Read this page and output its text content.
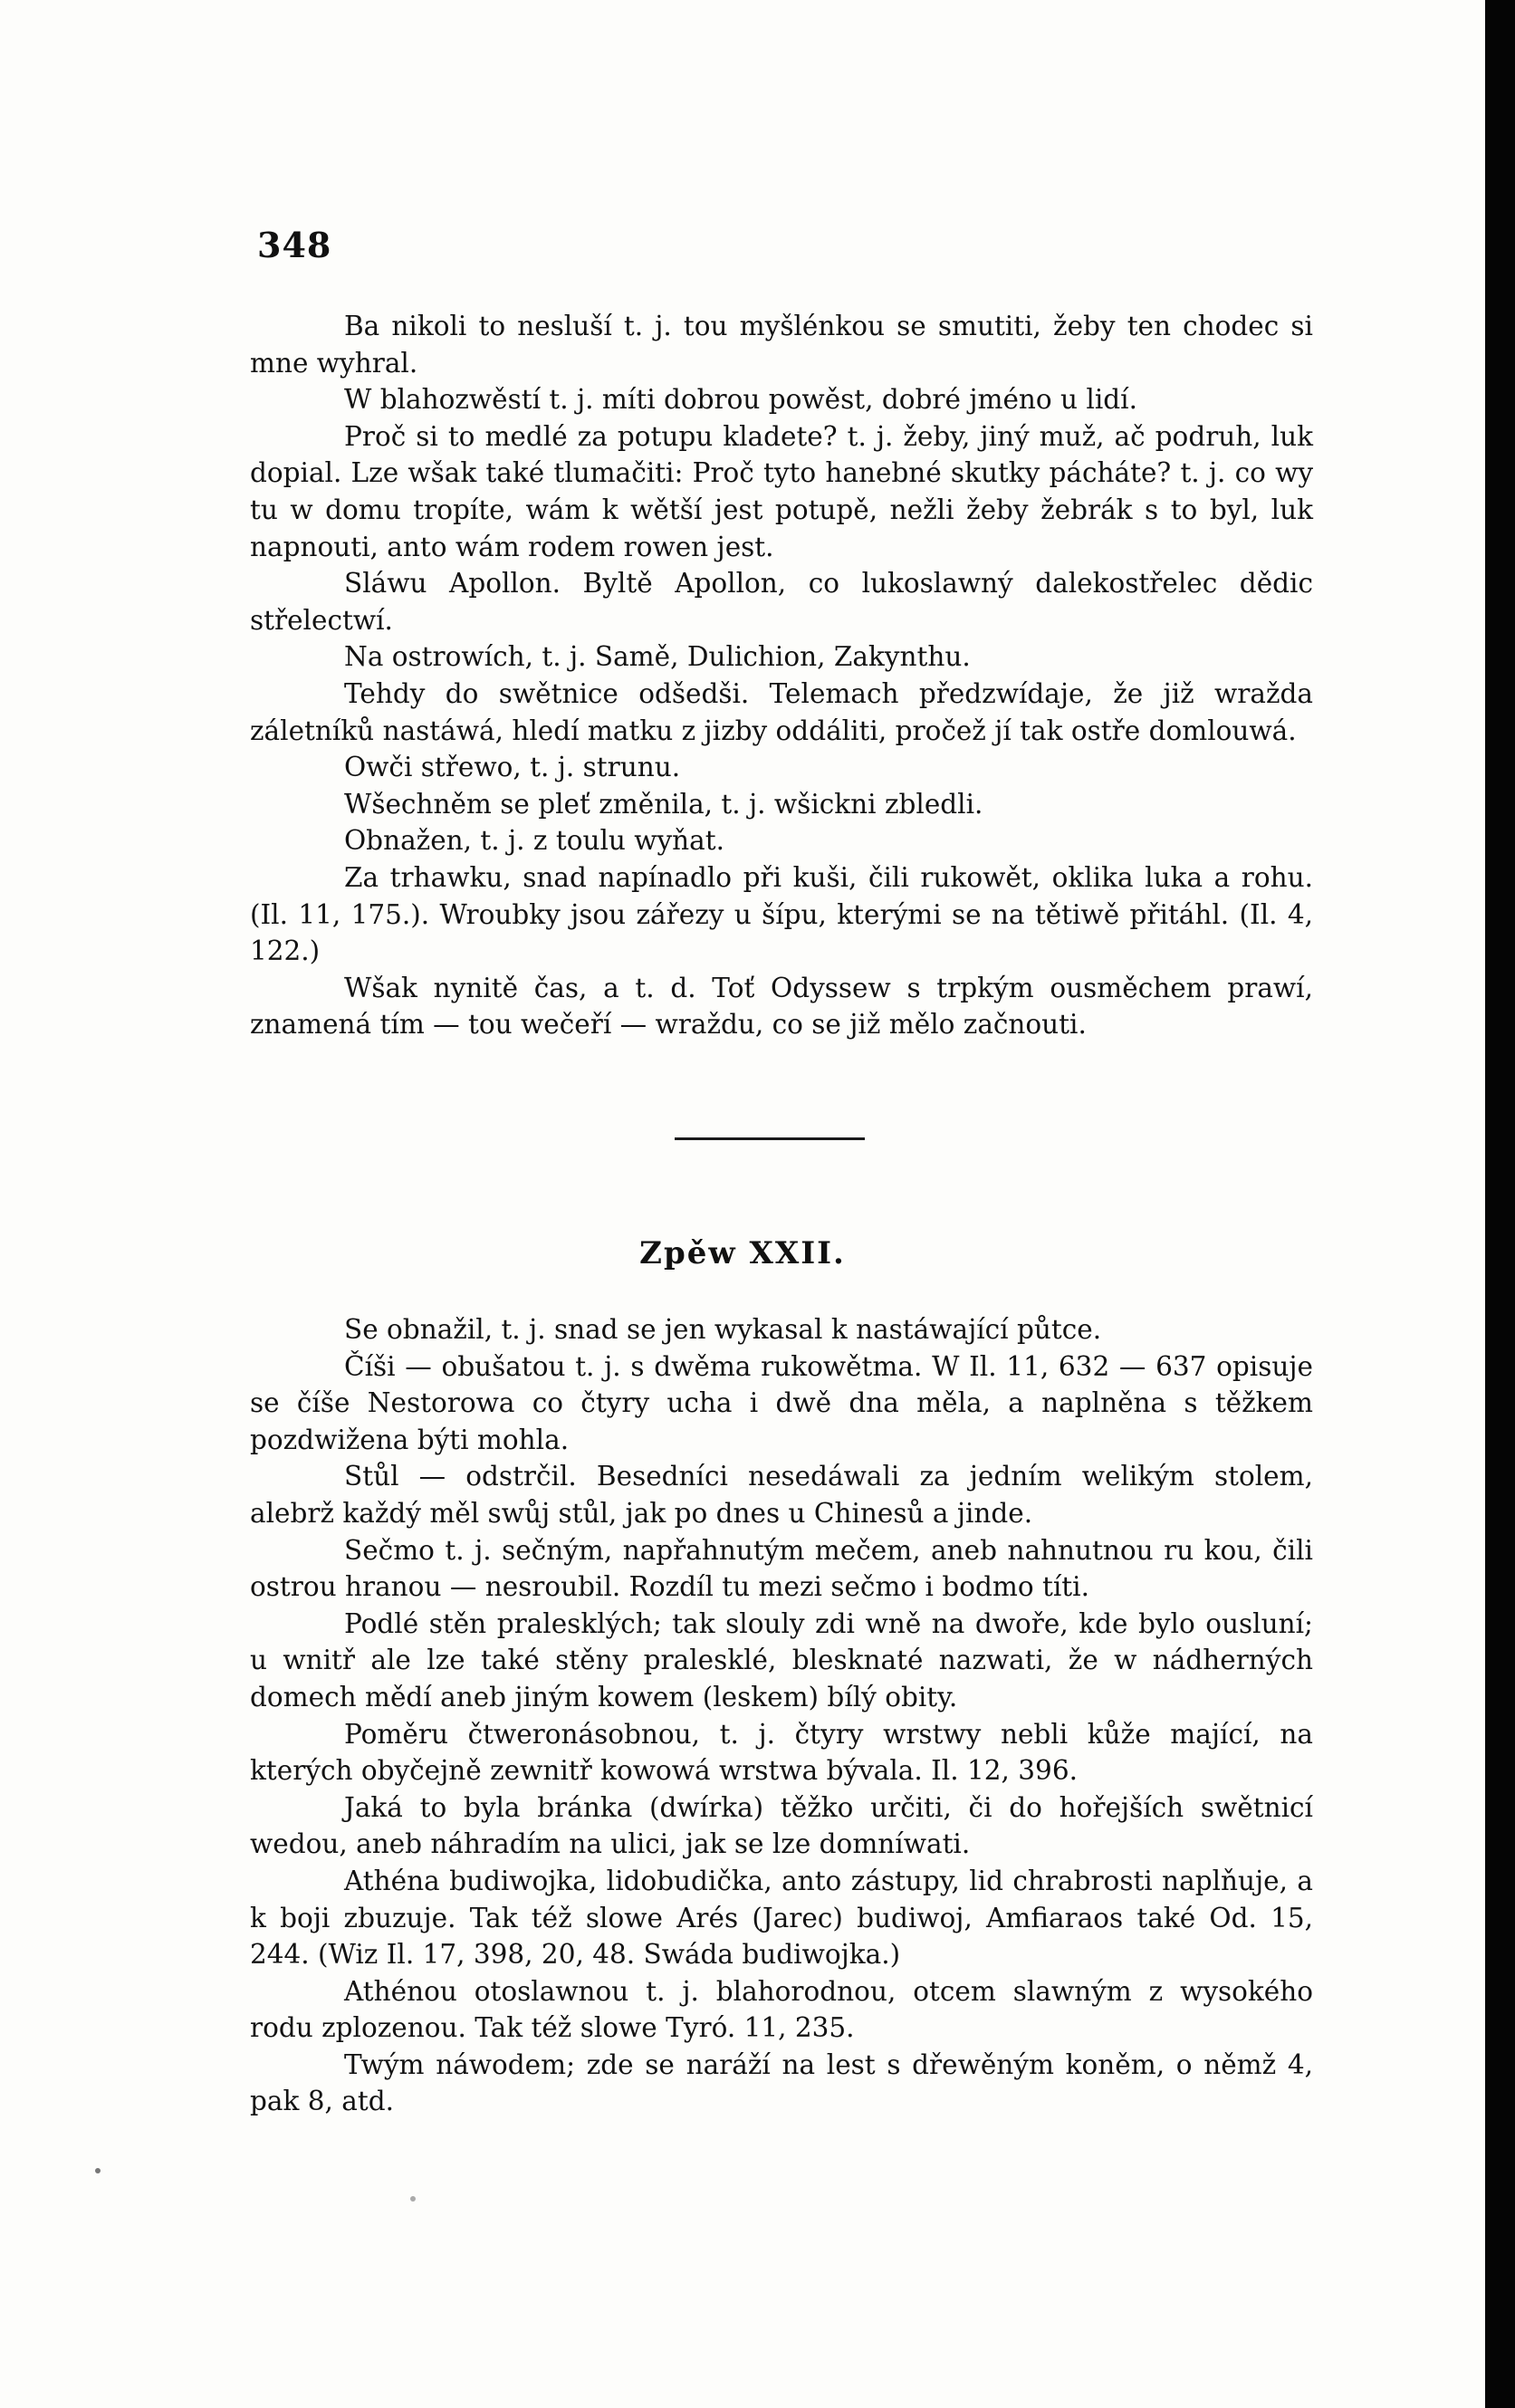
348

Ba nikoli to nesluší t. j. tou myšlénkou se smutiti, žeby ten chodec si mne wyhral.

W blahozwěstí t. j. míti dobrou powěst, dobré jméno u lidí.

Proč si to medlé za potupu kladete? t. j. žeby, jiný muž, ač podruh, luk dopial. Lze wšak také tlumačiti: Proč tyto hanebné skutky pácháte? t. j. co wy tu w domu tropíte, wám k wětší jest potupě, nežli žeby žebrák s to byl, luk napnouti, anto wám rodem rowen jest.

Sláwu Apollon. Byltě Apollon, co lukoslawný dalekostřelec dědic střelectwí.

Na ostrowích, t. j. Samě, Dulichion, Zakynthu.

Tehdy do swětnice odšedši. Telemach předzwídaje, že již wražda záletníků nastáwá, hledí matku z jizby oddáliti, pročež jí tak ostře domlouwá.

Owči střewo, t. j. strunu.

Wšechněm se pleť změnila, t. j. wšickni zbledli.

Obnažen, t. j. z toulu wyňat.

Za trhawku, snad napínadlo při kuši, čili rukowět, oklika luka a rohu. (Il. 11, 175.). Wroubky jsou zářezy u šípu, kterými se na tětiwě přitáhl. (Il. 4, 122.)

Wšak nynitě čas, a t. d. Toť Odyssew s trpkým ousměchem prawí, znamená tím — tou wečeří — wraždu, co se již mělo začnouti.

Zpěw XXII.

Se obnažil, t. j. snad se jen wykasal k nastáwající půtce.

Číši — obušatou t. j. s dwěma rukowětma. W Il. 11, 632 — 637 opisuje se číše Nestorowa co čtyry ucha i dwě dna měla, a naplněna s těžkem pozdwižena býti mohla.

Stůl — odstrčil. Besedníci nesedáwali za jedním welikým stolem, alebrž každý měl swůj stůl, jak po dnes u Chinesů a jinde.

Sečmo t. j. sečným, napřahnutým mečem, aneb nahnutnou ru kou, čili ostrou hranou — nesroubil. Rozdíl tu mezi sečmo i bodmo títi.

Podlé stěn pralesklých; tak slouly zdi wně na dwoře, kde bylo ousluní; u wnitř ale lze také stěny pralesklé, blesknaté nazwati, že w nádherných domech mědí aneb jiným kowem (leskem) bílý obity.

Poměru čtweronásobnou, t. j. čtyry wrstwy nebli kůže mající, na kterých obyčejně zewnitř kowowá wrstwa bývala. Il. 12, 396.

Jaká to byla bránka (dwírka) těžko určiti, či do hořejších swětnicí wedou, aneb náhradím na ulici, jak se lze domníwati.

Athéna budiwojka, lidobudička, anto zástupy, lid chrabrosti naplňuje, a k boji zbuzuje. Tak též slowe Arés (Jarec) budiwoj, Amfiaraos také Od. 15, 244. (Wiz Il. 17, 398, 20, 48. Swáda budiwojka.)

Athénou otoslawnou t. j. blahorodnou, otcem slawným z wysokého rodu zplozenou. Tak též slowe Tyró. 11, 235.

Twým náwodem; zde se naráží na lest s dřewěným koněm, o němž 4, pak 8, atd.
